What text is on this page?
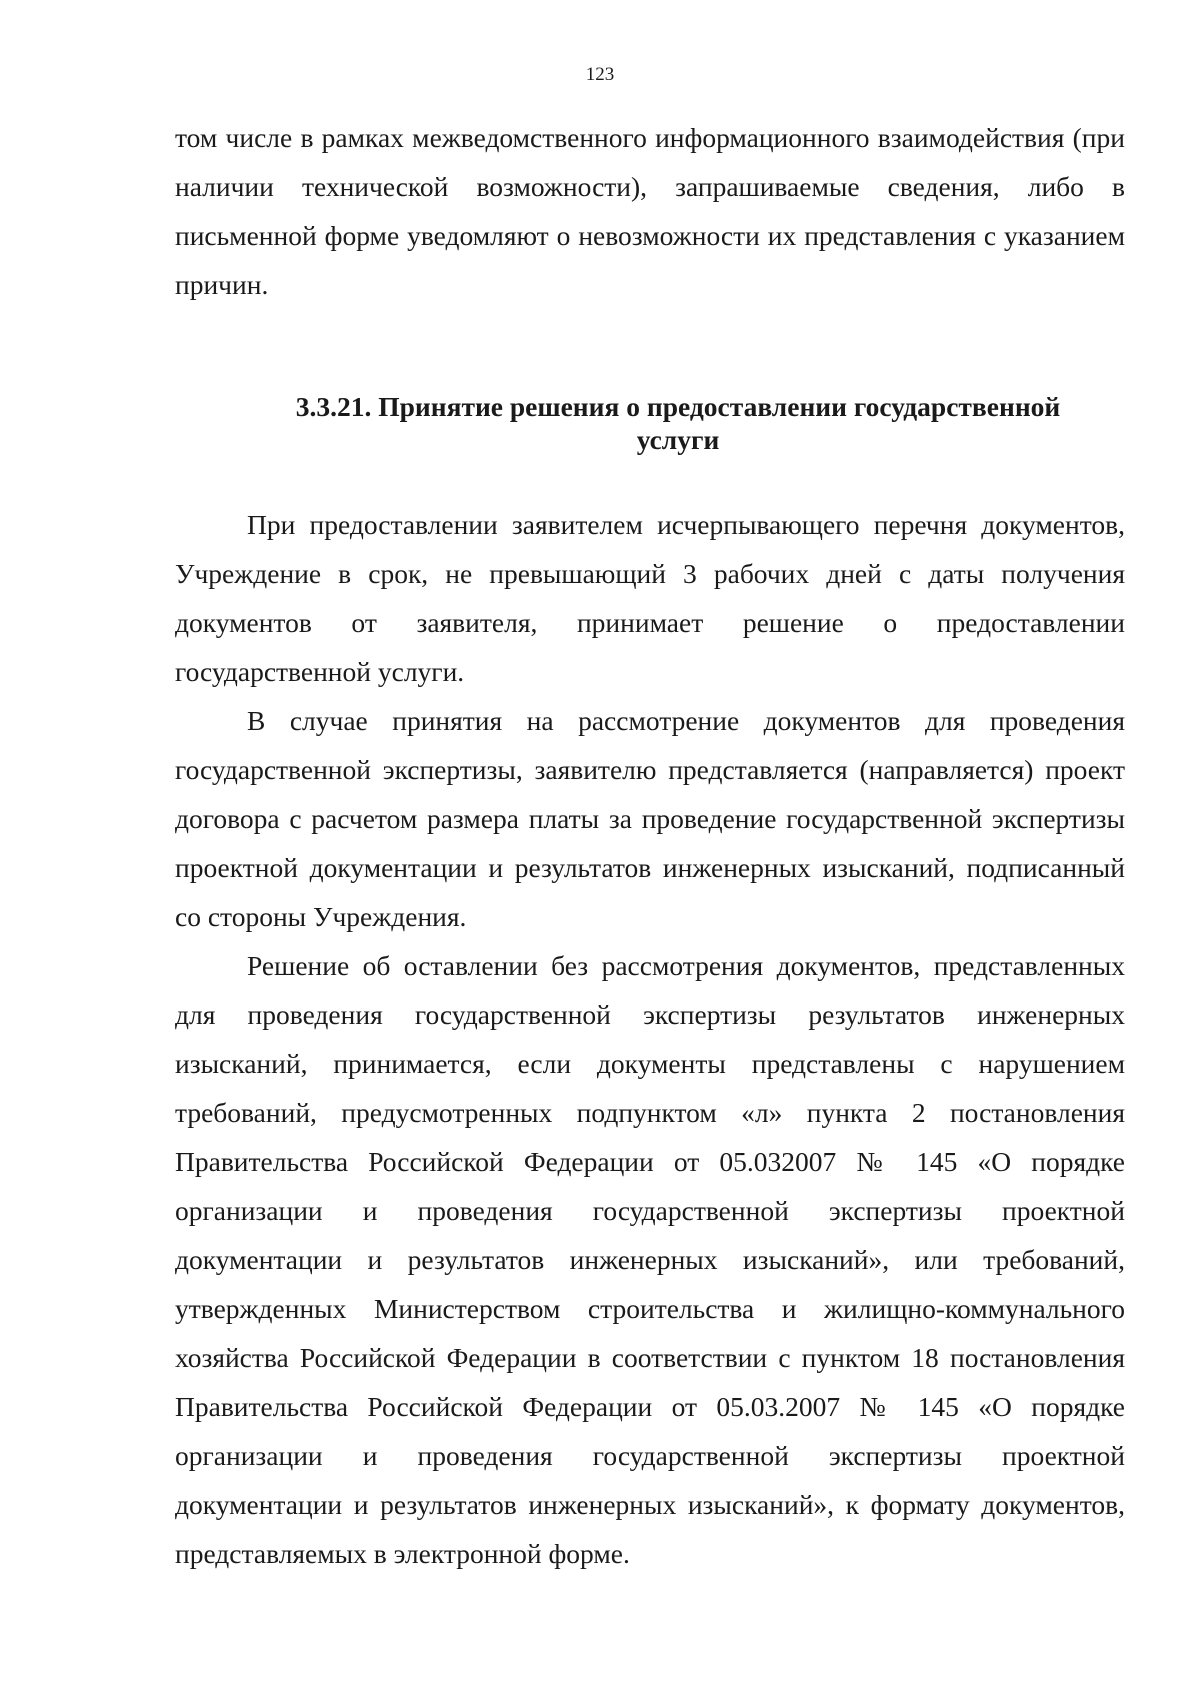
123

том числе в рамках межведомственного информационного взаимодействия (при наличии технической возможности), запрашиваемые сведения, либо в письменной форме уведомляют о невозможности их представления с указанием причин.

3.3.21. Принятие решения о предоставлении государственной
услуги

При предоставлении заявителем исчерпывающего перечня документов, Учреждение в срок, не превышающий 3 рабочих дней с даты получения документов от заявителя, принимает решение о предоставлении государственной услуги.

В случае принятия на рассмотрение документов для проведения государственной экспертизы, заявителю представляется (направляется) проект договора с расчетом размера платы за проведение государственной экспертизы проектной документации и результатов инженерных изысканий, подписанный со стороны Учреждения.

Решение об оставлении без рассмотрения документов, представленных для проведения государственной экспертизы результатов инженерных изысканий, принимается, если документы представлены с нарушением требований, предусмотренных подпунктом «л» пункта 2 постановления Правительства Российской Федерации от 05.032007 № 145 «О порядке организации и проведения государственной экспертизы проектной документации и результатов инженерных изысканий», или требований, утвержденных Министерством строительства и жилищно-коммунального хозяйства Российской Федерации в соответствии с пунктом 18 постановления Правительства Российской Федерации от 05.03.2007 № 145 «О порядке организации и проведения государственной экспертизы проектной документации и результатов инженерных изысканий», к формату документов, представляемых в электронной форме.
